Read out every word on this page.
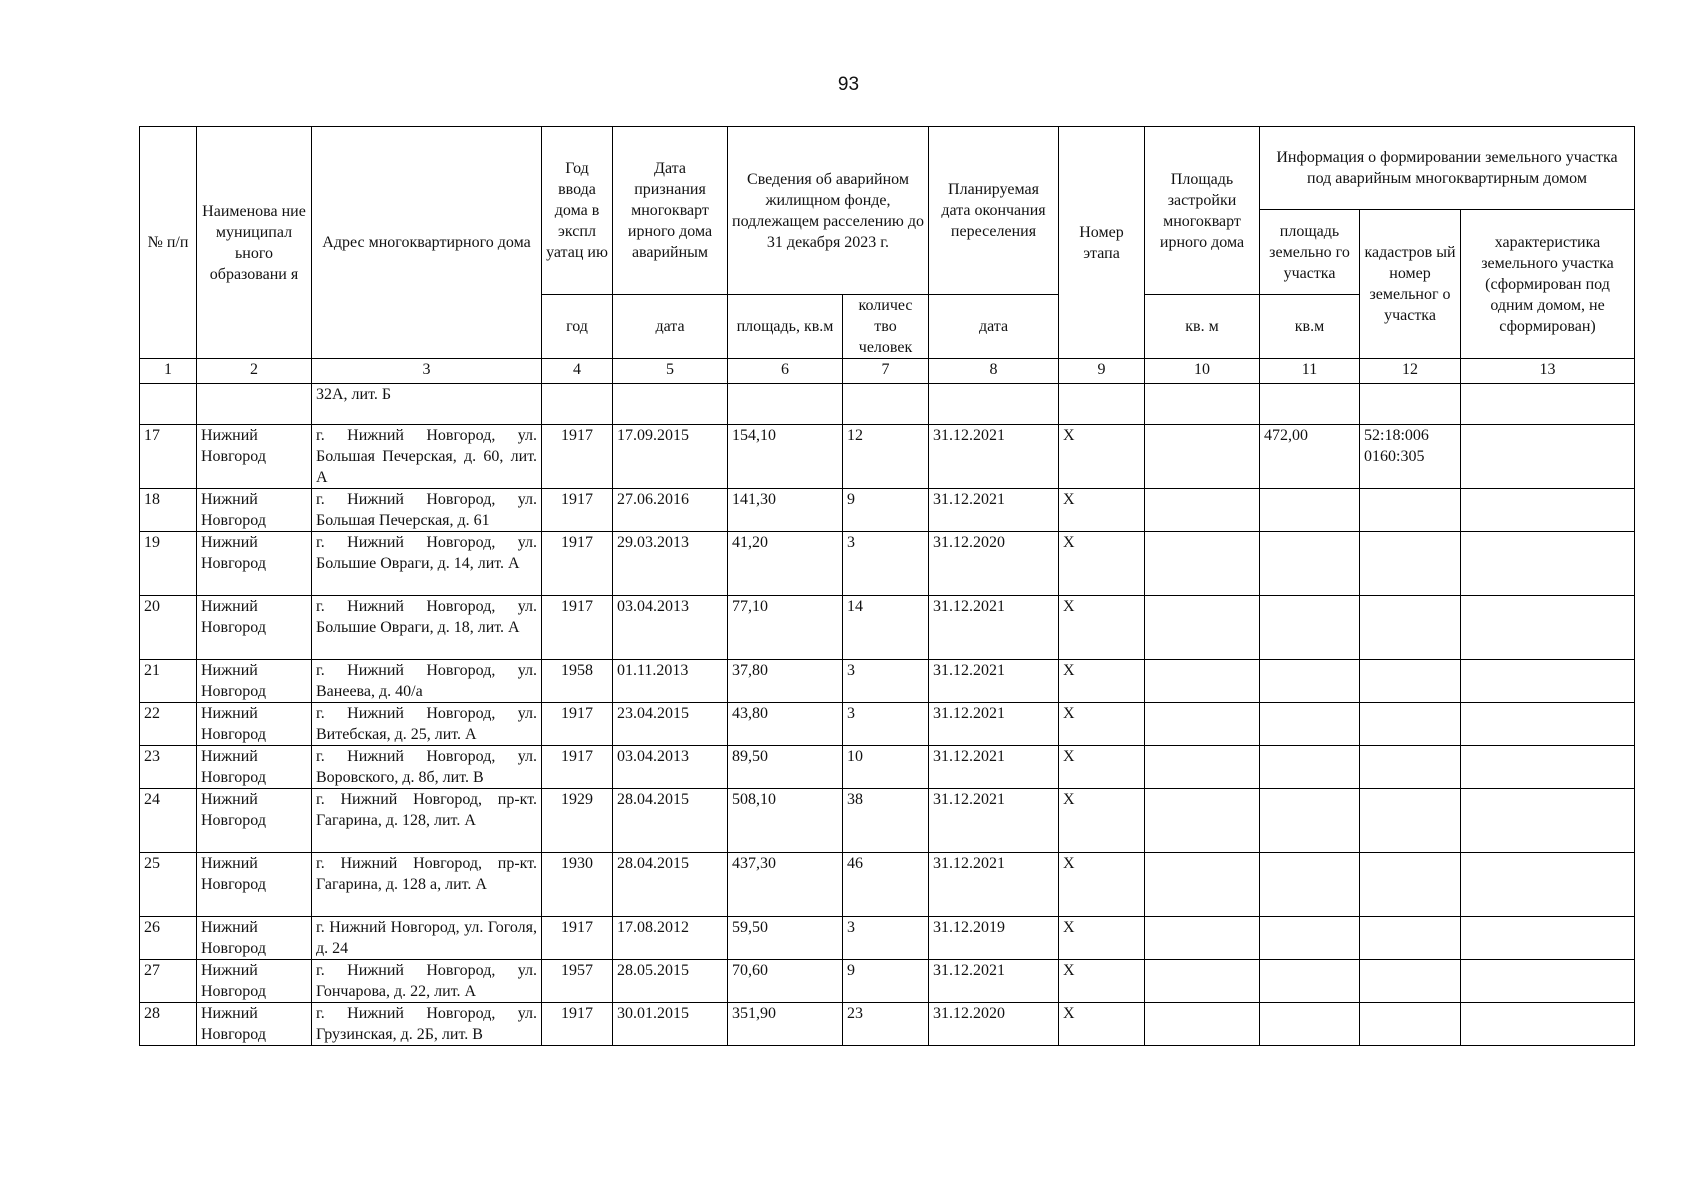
93
№ п/п	Наименова ние муниципал ьного образовани я	Адрес многоквартирного дома	Год ввода дома в экспл уатац ию	Дата признания многокварт ирного дома аварийным	Сведения об аварийном жилищном фонде, подлежащем расселению до 31 декабря 2023 г.		Планируемая дата окончания переселения	Номер этапа	Площадь застройки многокварт ирного дома	Информация о формировании земельного участка под аварийным многоквартирным домом		
										площадь земельно го участка	кадастров ый номер земельног о участка	характеристика земельного участка (сформирован под одним домом, не сформирован)
			год	дата	площадь, кв.м	количес тво человек	дата		кв. м	кв.м		
1	2	3	4	5	6	7	8	9	10	11	12	13
		32А, лит. Б										
17	Нижний Новгород	г. Нижний Новгород, ул. Большая Печерская, д. 60, лит. А	1917	17.09.2015	154,10	12	31.12.2021	Х		472,00	52:18:006 0160:305	
18	Нижний Новгород	г. Нижний Новгород, ул. Большая Печерская, д. 61	1917	27.06.2016	141,30	9	31.12.2021	Х				
19	Нижний Новгород	г. Нижний Новгород, ул. Большие Овраги, д. 14, лит. А	1917	29.03.2013	41,20	3	31.12.2020	Х				
20	Нижний Новгород	г. Нижний Новгород, ул. Большие Овраги, д. 18, лит. А	1917	03.04.2013	77,10	14	31.12.2021	Х				
21	Нижний Новгород	г. Нижний Новгород, ул. Ванеева, д. 40/а	1958	01.11.2013	37,80	3	31.12.2021	Х				
22	Нижний Новгород	г. Нижний Новгород, ул. Витебская, д. 25, лит. А	1917	23.04.2015	43,80	3	31.12.2021	Х				
23	Нижний Новгород	г. Нижний Новгород, ул. Воровского, д. 8б, лит. В	1917	03.04.2013	89,50	10	31.12.2021	Х				
24	Нижний Новгород	г. Нижний Новгород, пр-кт. Гагарина, д. 128, лит. А	1929	28.04.2015	508,10	38	31.12.2021	Х				
25	Нижний Новгород	г. Нижний Новгород, пр-кт. Гагарина, д. 128 а, лит. А	1930	28.04.2015	437,30	46	31.12.2021	Х				
26	Нижний Новгород	г. Нижний Новгород, ул. Гоголя, д. 24	1917	17.08.2012	59,50	3	31.12.2019	Х				
27	Нижний Новгород	г. Нижний Новгород, ул. Гончарова, д. 22, лит. А	1957	28.05.2015	70,60	9	31.12.2021	Х				
28	Нижний Новгород	г. Нижний Новгород, ул. Грузинская, д. 2Б, лит. В	1917	30.01.2015	351,90	23	31.12.2020	Х				
